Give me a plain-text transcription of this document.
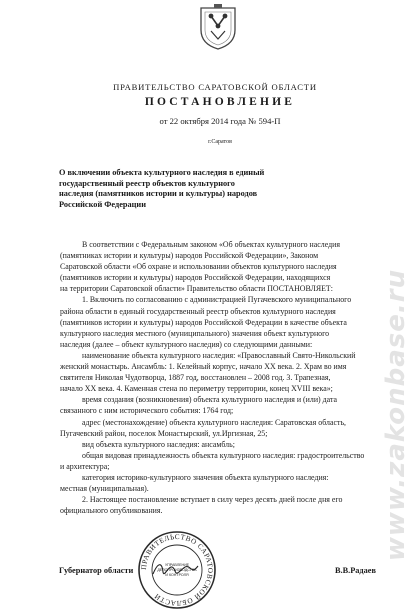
ПРАВИТЕЛЬСТВО САРАТОВСКОЙ ОБЛАСТИ
ПОСТАНОВЛЕНИЕ
от 22 октября 2014 года № 594-П
г.Саратов
О включении объекта культурного наследия в единый
государственный реестр объектов культурного
наследия (памятников истории и культуры) народов
Российской Федерации
www.zakonbase.ru
В соответствии с Федеральным законом «Об объектах культурного наследия
(памятниках истории и культуры) народов Российской Федерации», Законом
Саратовской области «Об охране и использовании объектов культурного наследия
(памятников истории и культуры) народов Российской Федерации, находящихся
на территории Саратовской области» Правительство области ПОСТАНОВЛЯЕТ:
1. Включить по согласованию с администрацией Пугачевского муниципального
района области в единый государственный реестр объектов культурного наследия
(памятников истории и культуры) народов Российской Федерации в качестве объекта
культурного наследия местного (муниципального) значения объект культурного
наследия (далее – объект культурного наследия) со следующими данными:
наименование объекта культурного наследия: «Православный Свято-Никольский
женский монастырь. Ансамбль: 1. Келейный корпус, начало XX века. 2. Храм во имя
святителя Николая Чудотворца, 1887 год, восстановлен – 2008 год. 3. Трапезная,
начало XX века. 4. Каменная стена по периметру территории, конец XVIII века»;
время создания (возникновения) объекта культурного наследия и (или) дата
связанного с ним исторического события: 1764 год;
адрес (местонахождение) объекта культурного наследия: Саратовская область,
Пугачевский район, поселок Монастырский, ул.Иргизная, 25;
вид объекта культурного наследия: ансамбль;
общая видовая принадлежность объекта культурного наследия: градостроительство
и архитектура;
категория историко-культурного значения объекта культурного наследия:
местная (муниципальная).
2. Настоящее постановление вступает в силу через десять дней после дня его
официального опубликования.
ПРАВИТЕЛЬСТВО САРАТОВСКОЙ ОБЛАСТИ
УПРАВЛЕНИЕ
ДЕЛОПРОИЗВОДСТВА
И КОНТРОЛЯ
Губернатор области	В.В.Радаев
